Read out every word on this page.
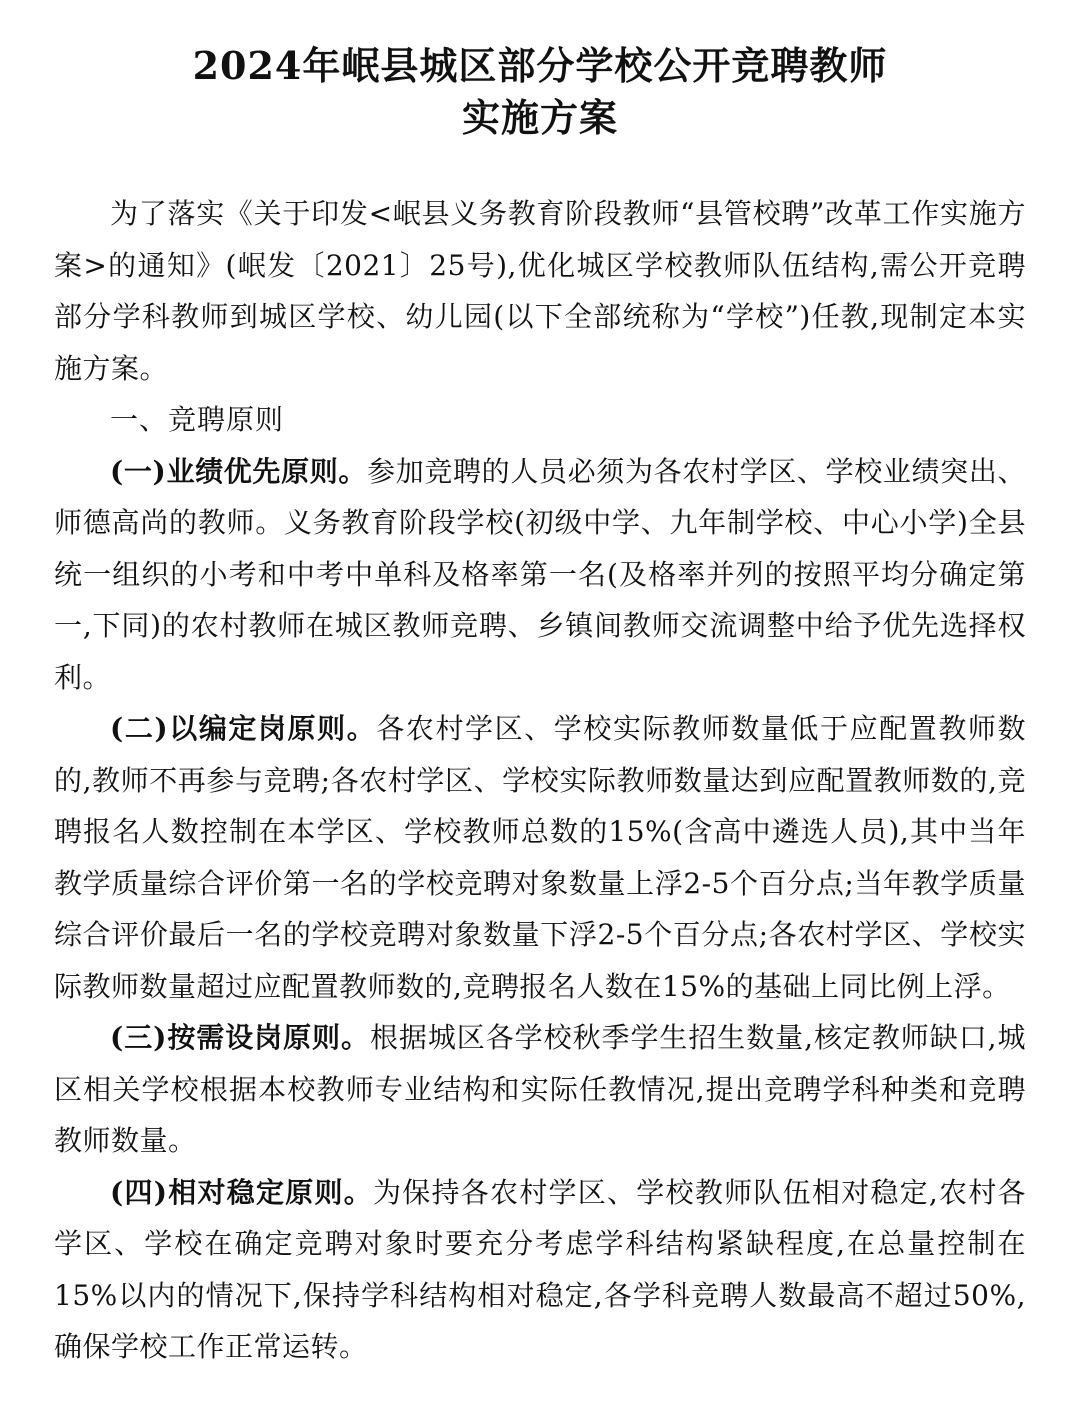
2024年岷县城区部分学校公开竞聘教师
实施方案

为了落实《关于印发<岷县义务教育阶段教师“县管校聘”改革工作实施方案>的通知》(岷发〔2021〕25号),优化城区学校教师队伍结构,需公开竞聘部分学科教师到城区学校、幼儿园(以下全部统称为“学校”)任教,现制定本实施方案。

一、竞聘原则

(一)业绩优先原则。参加竞聘的人员必须为各农村学区、学校业绩突出、师德高尚的教师。义务教育阶段学校(初级中学、九年制学校、中心小学)全县统一组织的小考和中考中单科及格率第一名(及格率并列的按照平均分确定第一,下同)的农村教师在城区教师竞聘、乡镇间教师交流调整中给予优先选择权利。

(二)以编定岗原则。各农村学区、学校实际教师数量低于应配置教师数的,教师不再参与竞聘;各农村学区、学校实际教师数量达到应配置教师数的,竞聘报名人数控制在本学区、学校教师总数的15%(含高中遴选人员),其中当年教学质量综合评价第一名的学校竞聘对象数量上浮2-5个百分点;当年教学质量综合评价最后一名的学校竞聘对象数量下浮2-5个百分点;各农村学区、学校实际教师数量超过应配置教师数的,竞聘报名人数在15%的基础上同比例上浮。

(三)按需设岗原则。根据城区各学校秋季学生招生数量,核定教师缺口,城区相关学校根据本校教师专业结构和实际任教情况,提出竞聘学科种类和竞聘教师数量。

(四)相对稳定原则。为保持各农村学区、学校教师队伍相对稳定,农村各学区、学校在确定竞聘对象时要充分考虑学科结构紧缺程度,在总量控制在15%以内的情况下,保持学科结构相对稳定,各学科竞聘人数最高不超过50%,确保学校工作正常运转。
